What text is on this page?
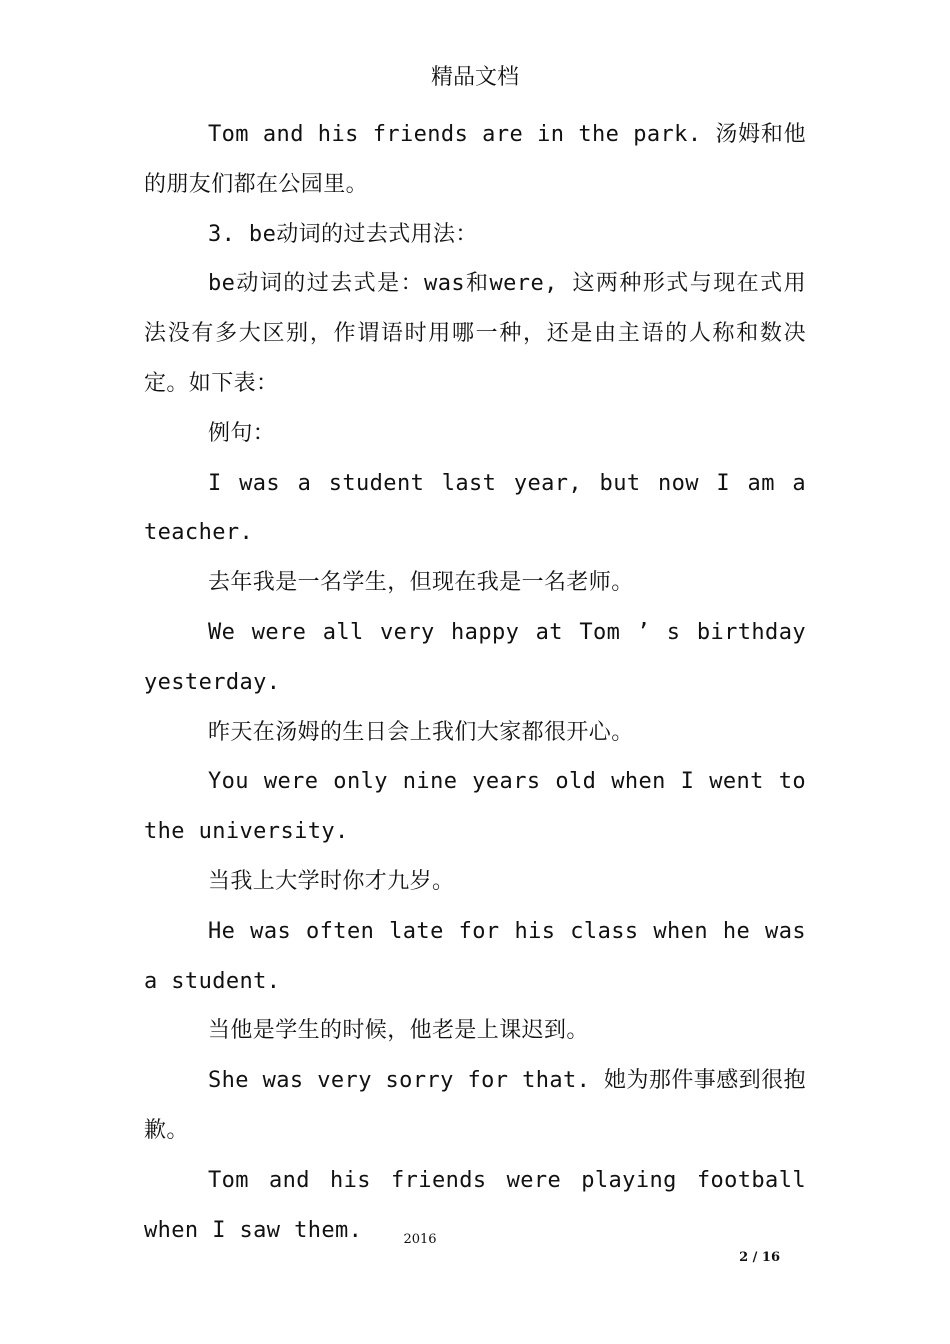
精品文档

Tom and his friends are in the park. 汤姆和他的朋友们都在公园里。

3. be动词的过去式用法：

be动词的过去式是：was和were, 这两种形式与现在式用法没有多大区别，作谓语时用哪一种，还是由主语的人称和数决定。如下表：

例句：

I was a student last year, but now I am a teacher.

去年我是一名学生，但现在我是一名老师。

We were all very happy at Tom ’ s birthday yesterday.

昨天在汤姆的生日会上我们大家都很开心。

You were only nine years old when I went to the university.

当我上大学时你才九岁。

He was often late for his class when he was a student.

当他是学生的时候，他老是上课迟到。

She was very sorry for that. 她为那件事感到很抱歉。

Tom and his friends were playing football when I saw them.	2016
2 / 16
